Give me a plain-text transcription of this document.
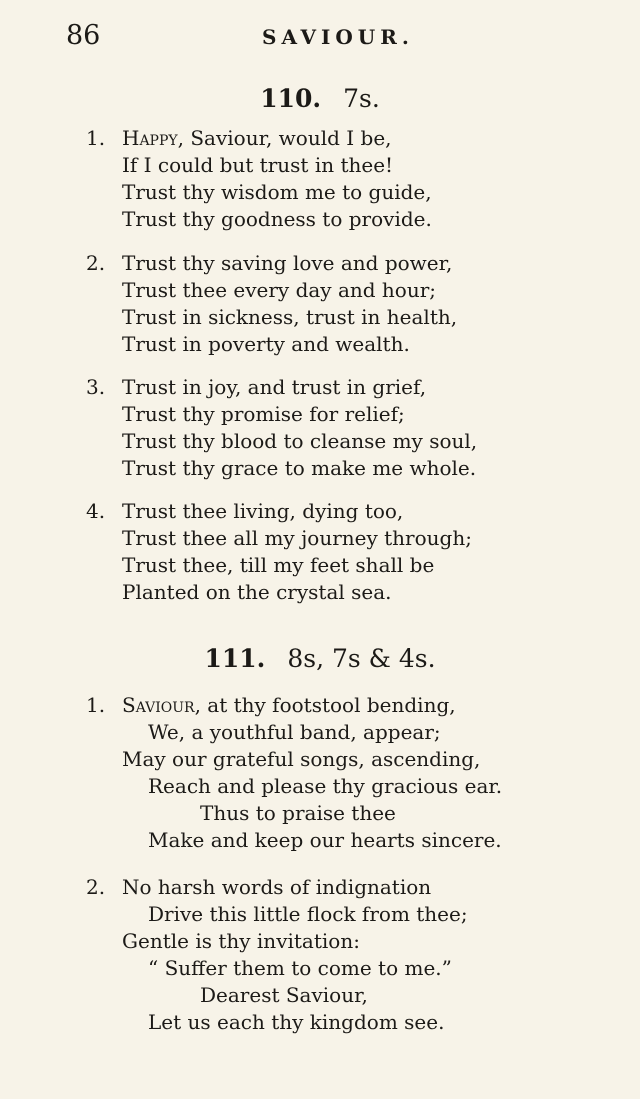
86	SAVIOUR.
110. 7s.
1. Happy, Saviour, would I be,
If I could but trust in thee!
Trust thy wisdom me to guide,
Trust thy goodness to provide.
2. Trust thy saving love and power,
Trust thee every day and hour;
Trust in sickness, trust in health,
Trust in poverty and wealth.
3. Trust in joy, and trust in grief,
Trust thy promise for relief;
Trust thy blood to cleanse my soul,
Trust thy grace to make me whole.
4. Trust thee living, dying too,
Trust thee all my journey through;
Trust thee, till my feet shall be
Planted on the crystal sea.
111. 8s, 7s & 4s.
1. Saviour, at thy footstool bending,
We, a youthful band, appear;
May our grateful songs, ascending,
Reach and please thy gracious ear.
Thus to praise thee
Make and keep our hearts sincere.
2. No harsh words of indignation
Drive this little flock from thee;
Gentle is thy invitation:
“ Suffer them to come to me.”
Dearest Saviour,
Let us each thy kingdom see.
